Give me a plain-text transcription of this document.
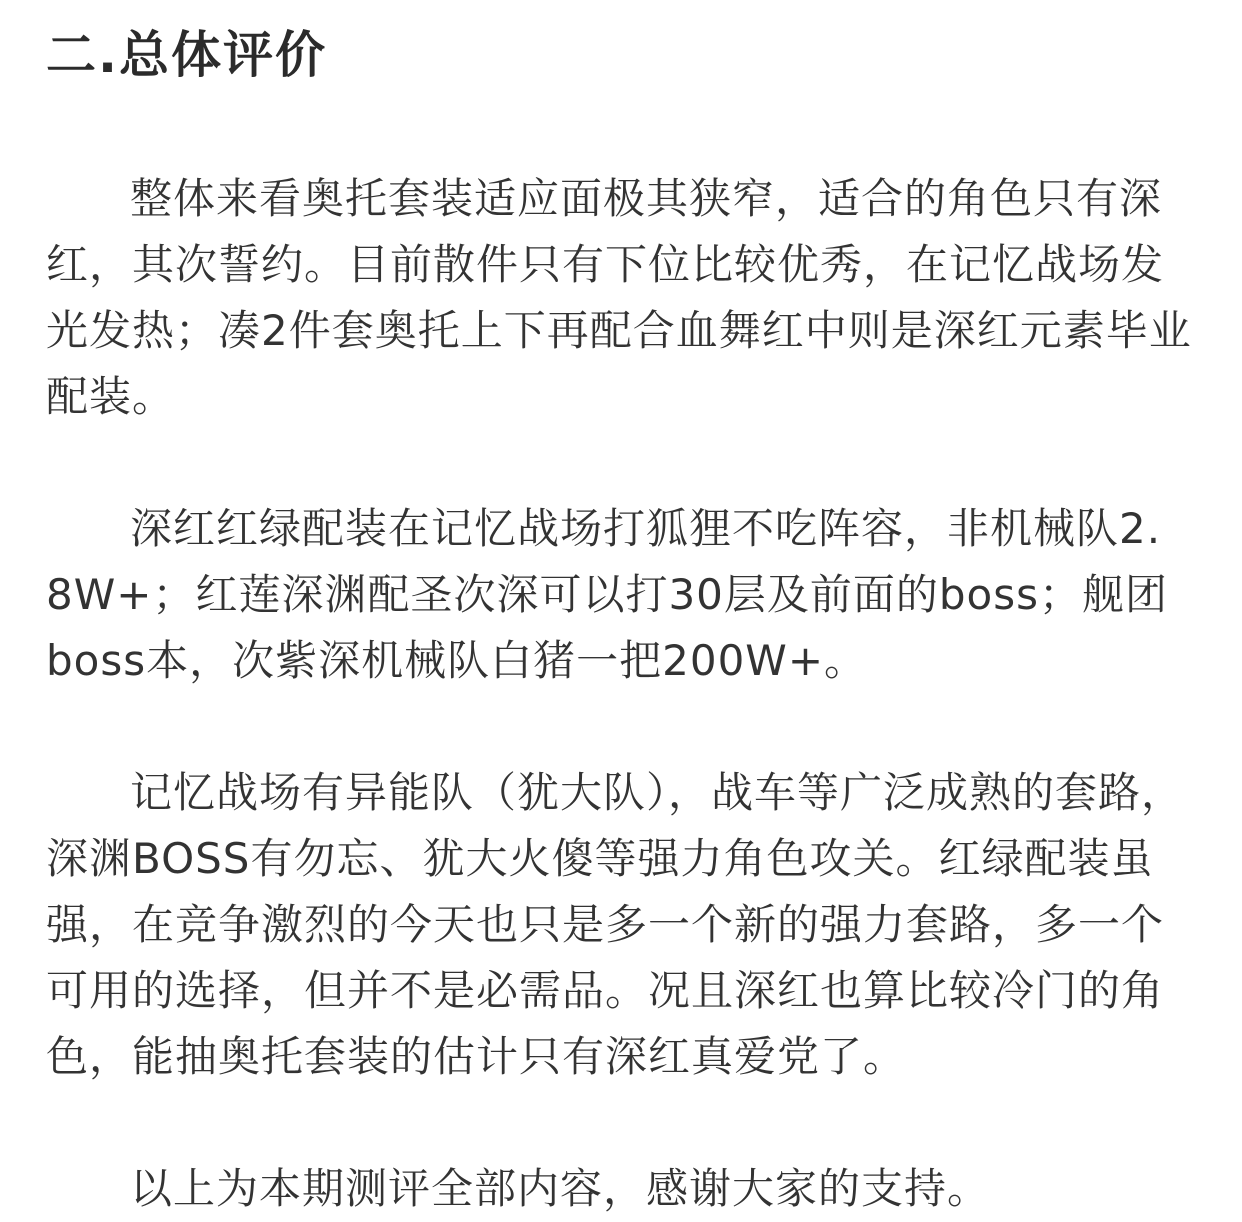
二.总体评价

整体来看奥托套装适应面极其狭窄，适合的角色只有深红，其次誓约。目前散件只有下位比较优秀，在记忆战场发光发热；凑2件套奥托上下再配合血舞红中则是深红元素毕业配装。

深红红绿配装在记忆战场打狐狸不吃阵容，非机械队2.8W+；红莲深渊配圣次深可以打30层及前面的boss；舰团boss本，次紫深机械队白猪一把200W+。

记忆战场有异能队（犹大队），战车等广泛成熟的套路，深渊BOSS有勿忘、犹大火傻等强力角色攻关。红绿配装虽强，在竞争激烈的今天也只是多一个新的强力套路，多一个可用的选择，但并不是必需品。况且深红也算比较冷门的角色，能抽奥托套装的估计只有深红真爱党了。

以上为本期测评全部内容，感谢大家的支持。
